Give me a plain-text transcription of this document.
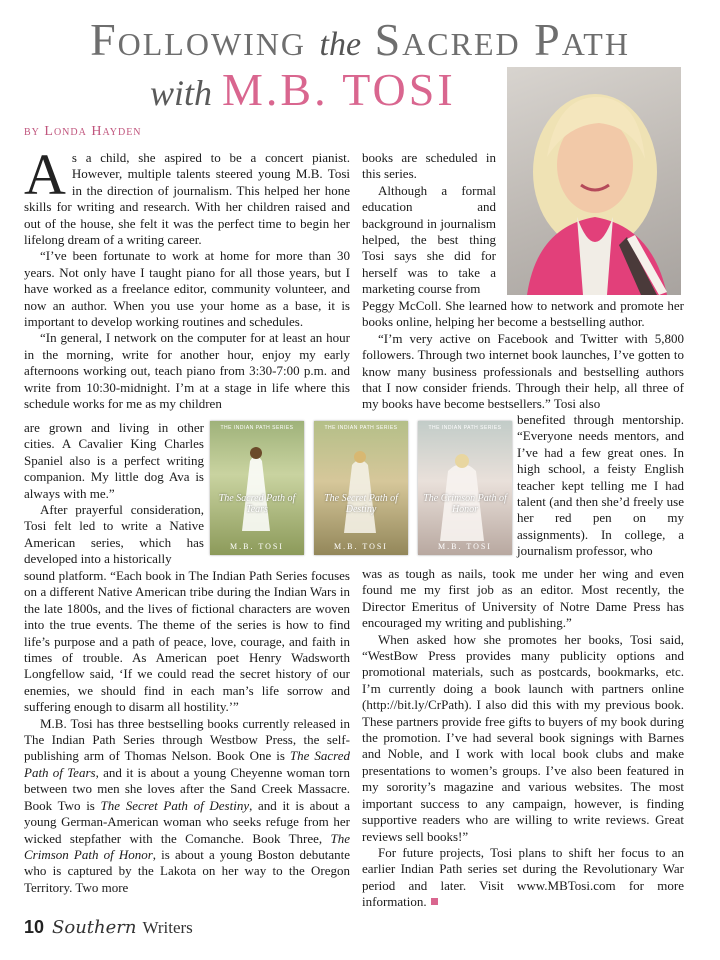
Following the Sacred Path
with M.B. TOSI
by Londa Hayden

As a child, she aspired to be a concert pianist. However, multiple talents steered young M.B. Tosi in the direction of journalism. This helped her hone skills for writing and research. With her children raised and out of the house, she felt it was the perfect time to begin her lifelong dream of a writing career.

“I’ve been fortunate to work at home for more than 30 years. Not only have I taught piano for all those years, but I have worked as a freelance editor, community volunteer, and now an author. When you use your home as a base, it is important to develop working routines and schedules.

“In general, I network on the computer for at least an hour in the morning, write for another hour, enjoy my early afternoons working out, teach piano from 3:30-7:00 p.m. and write from 10:30-midnight. I’m at a stage in life where this schedule works for me as my children

are grown and living in other cities. A Cavalier King Charles Spaniel also is a perfect writing companion. My little dog Ava is always with me.”

After prayerful consideration, Tosi felt led to write a Native American series, which has developed into a historically

THE INDIAN PATH SERIES
The Sacred Path of Tears
M.B. TOSI
THE INDIAN PATH SERIES
The Secret Path of Destiny
M.B. TOSI
THE INDIAN PATH SERIES
The Crimson Path of Honor
M.B. TOSI

sound platform. “Each book in The Indian Path Series focuses on a different Native American tribe during the Indian Wars in the late 1800s, and the lives of fictional characters are woven into the true events. The theme of the series is how to find life’s purpose and a path of peace, love, courage, and faith in times of trouble. As American poet Henry Wadsworth Longfellow said, ‘If we could read the secret history of our enemies, we should find in each man’s life sorrow and suffering enough to disarm all hostility.’”

M.B. Tosi has three bestselling books currently released in The Indian Path Series through Westbow Press, the self-publishing arm of Thomas Nelson. Book One is The Sacred Path of Tears, and it is about a young Cheyenne woman torn between two men she loves after the Sand Creek Massacre. Book Two is The Secret Path of Destiny, and it is about a young German-American woman who seeks refuge from her wicked stepfather with the Comanche. Book Three, The Crimson Path of Honor, is about a young Boston debutante who is captured by the Lakota on her way to the Oregon Territory. Two more

books are scheduled in this series.

Although a formal education and background in journalism helped, the best thing Tosi says she did for herself was to take a marketing course from

Peggy McColl. She learned how to network and promote her books online, helping her become a bestselling author.

“I’m very active on Facebook and Twitter with 5,800 followers. Through two internet book launches, I’ve gotten to know many business professionals and bestselling authors that I now consider friends. Through their help, all three of my books have become bestsellers.” Tosi also

benefited through mentorship. “Everyone needs mentors, and I’ve had a few great ones. In high school, a feisty English teacher kept telling me I had talent (and then she’d freely use her red pen on my assignments). In college, a journalism professor, who

was as tough as nails, took me under her wing and even found me my first job as an editor. Most recently, the Director Emeritus of University of Notre Dame Press has encouraged my writing and publishing.”

When asked how she promotes her books, Tosi said, “WestBow Press provides many publicity options and promotional materials, such as postcards, bookmarks, etc. I’m currently doing a book launch with partners online (http://bit.ly/CrPath). I also did this with my previous book. These partners provide free gifts to buyers of my book during the promotion. I’ve had several book signings with Barnes and Noble, and I work with local book clubs and make presentations to women’s groups. I’ve also been featured in my sorority’s magazine and various websites. The most important success to any campaign, however, is finding supportive readers who are willing to write reviews. Great reviews sell books!”

For future projects, Tosi plans to shift her focus to an earlier Indian Path series set during the Revolutionary War period and later. Visit www.MBTosi.com for more information.

10 Southern Writers
